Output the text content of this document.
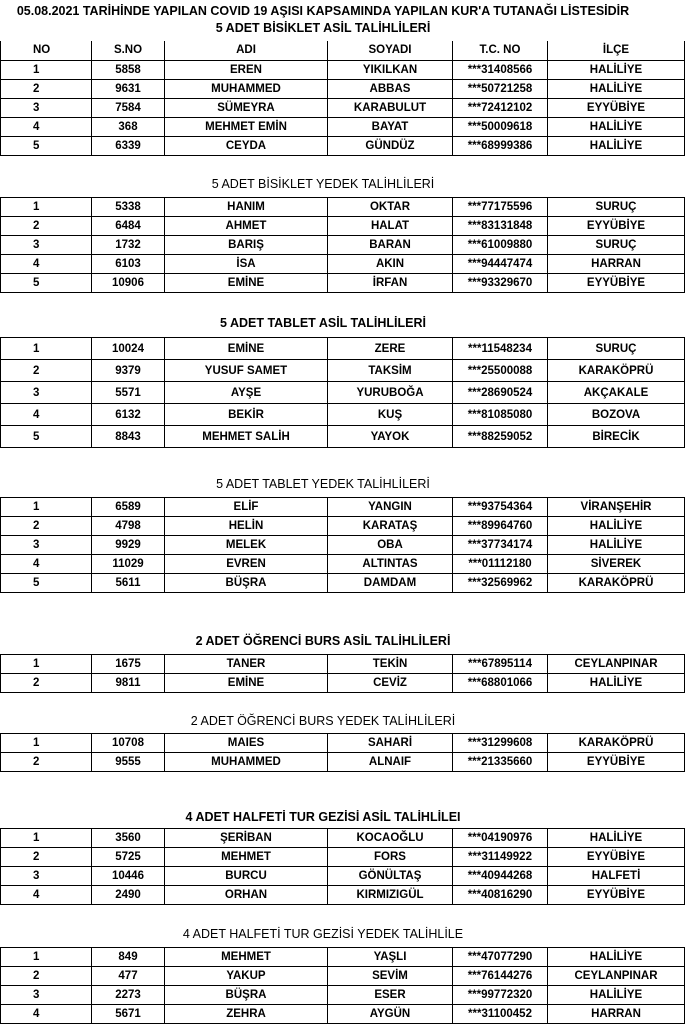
05.08.2021 TARİHİNDE YAPILAN COVID 19 AŞISI KAPSAMINDA YAPILAN KUR'A TUTANAĞI LİSTESİDİR
5 ADET BİSİKLET ASİL TALİHLİLERİ
NO	S.NO	ADI	SOYADI	T.C. NO	İLÇE
1	5858	EREN	YIKILKAN	***31408566	HALİLİYE
2	9631	MUHAMMED	ABBAS	***50721258	HALİLİYE
3	7584	SÜMEYRA	KARABULUT	***72412102	EYYÜBİYE
4	368	MEHMET EMİN	BAYAT	***50009618	HALİLİYE
5	6339	CEYDA	GÜNDÜZ	***68999386	HALİLİYE
5 ADET BİSİKLET YEDEK TALİHLİLERİ
1	5338	HANIM	OKTAR	***77175596	SURUÇ
2	6484	AHMET	HALAT	***83131848	EYYÜBİYE
3	1732	BARIŞ	BARAN	***61009880	SURUÇ
4	6103	İSA	AKIN	***94447474	HARRAN
5	10906	EMİNE	İRFAN	***93329670	EYYÜBİYE
5 ADET TABLET ASİL TALİHLİLERİ
1	10024	EMİNE	ZERE	***11548234	SURUÇ
2	9379	YUSUF SAMET	TAKSİM	***25500088	KARAKÖPRÜ
3	5571	AYŞE	YURUBOĞA	***28690524	AKÇAKALE
4	6132	BEKİR	KUŞ	***81085080	BOZOVA
5	8843	MEHMET SALİH	YAYOK	***88259052	BİRECİK
5 ADET TABLET YEDEK TALİHLİLERİ
1	6589	ELİF	YANGIN	***93754364	VİRANŞEHİR
2	4798	HELİN	KARATAŞ	***89964760	HALİLİYE
3	9929	MELEK	OBA	***37734174	HALİLİYE
4	11029	EVREN	ALTINTAS	***01112180	SİVEREK
5	5611	BÜŞRA	DAMDAM	***32569962	KARAKÖPRÜ
2 ADET ÖĞRENCİ BURS ASİL TALİHLİLERİ
1	1675	TANER	TEKİN	***67895114	CEYLANPINAR
2	9811	EMİNE	CEVİZ	***68801066	HALİLİYE
2 ADET ÖĞRENCİ BURS YEDEK TALİHLİLERİ
1	10708	MAIES	SAHARİ	***31299608	KARAKÖPRÜ
2	9555	MUHAMMED	ALNAIF	***21335660	EYYÜBİYE
4 ADET HALFETİ TUR GEZİSİ ASİL TALİHLİLEI
1	3560	ŞERİBAN	KOCAOĞLU	***04190976	HALİLİYE
2	5725	MEHMET	FORS	***31149922	EYYÜBİYE
3	10446	BURCU	GÖNÜLTAŞ	***40944268	HALFETİ
4	2490	ORHAN	KIRMIZIGÜL	***40816290	EYYÜBİYE
4 ADET HALFETİ TUR GEZİSİ YEDEK TALİHLİLE
1	849	MEHMET	YAŞLI	***47077290	HALİLİYE
2	477	YAKUP	SEVİM	***76144276	CEYLANPINAR
3	2273	BÜŞRA	ESER	***99772320	HALİLİYE
4	5671	ZEHRA	AYGÜN	***31100452	HARRAN
